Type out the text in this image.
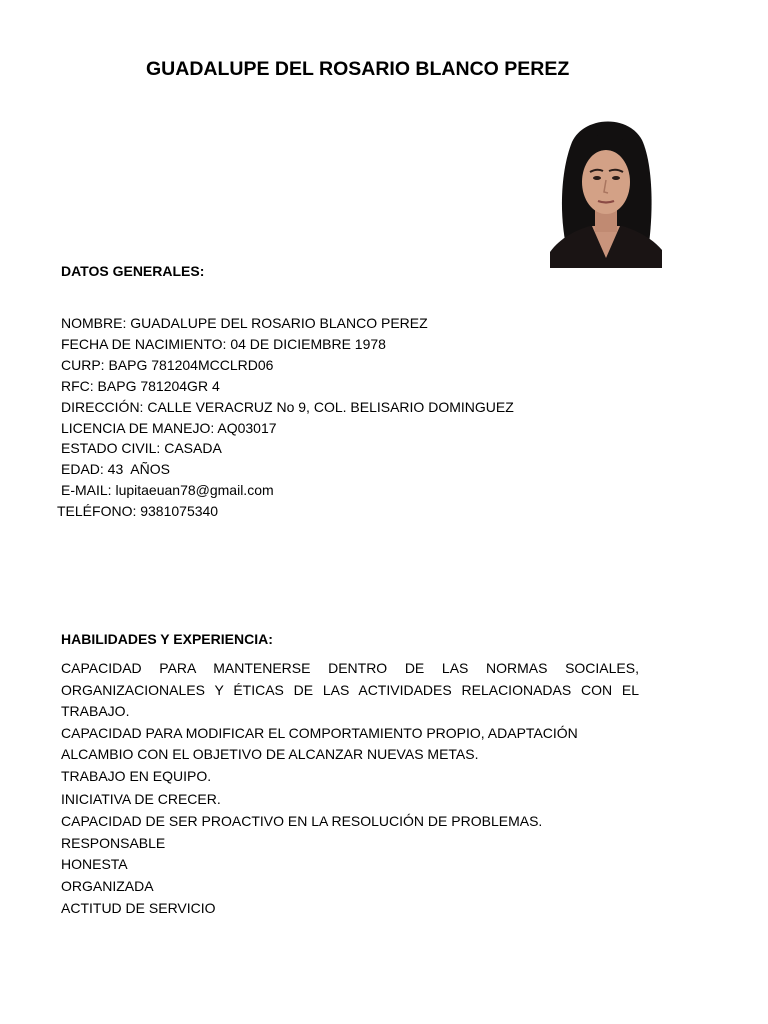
GUADALUPE DEL ROSARIO BLANCO PEREZ
DATOS GENERALES:
NOMBRE: GUADALUPE DEL ROSARIO BLANCO PEREZ
FECHA DE NACIMIENTO: 04 DE DICIEMBRE 1978
CURP: BAPG 781204MCCLRD06
RFC: BAPG 781204GR 4
DIRECCIÓN: CALLE VERACRUZ No 9, COL. BELISARIO DOMINGUEZ
LICENCIA DE MANEJO: AQ03017
ESTADO CIVIL: CASADA
EDAD: 43  AÑOS
E-MAIL: lupitaeuan78@gmail.com
TELÉFONO: 9381075340
HABILIDADES Y EXPERIENCIA:

CAPACIDAD PARA MANTENERSE DENTRO DE LAS NORMAS SOCIALES, ORGANIZACIONALES Y ÉTICAS DE LAS ACTIVIDADES RELACIONADAS CON EL TRABAJO.

CAPACIDAD PARA MODIFICAR EL COMPORTAMIENTO PROPIO, ADAPTACIÓN ALCAMBIO CON EL OBJETIVO DE ALCANZAR NUEVAS METAS.

TRABAJO EN EQUIPO.

INICIATIVA DE CRECER.

CAPACIDAD DE SER PROACTIVO EN LA RESOLUCIÓN DE PROBLEMAS.

RESPONSABLE

HONESTA

ORGANIZADA

ACTITUD DE SERVICIO
